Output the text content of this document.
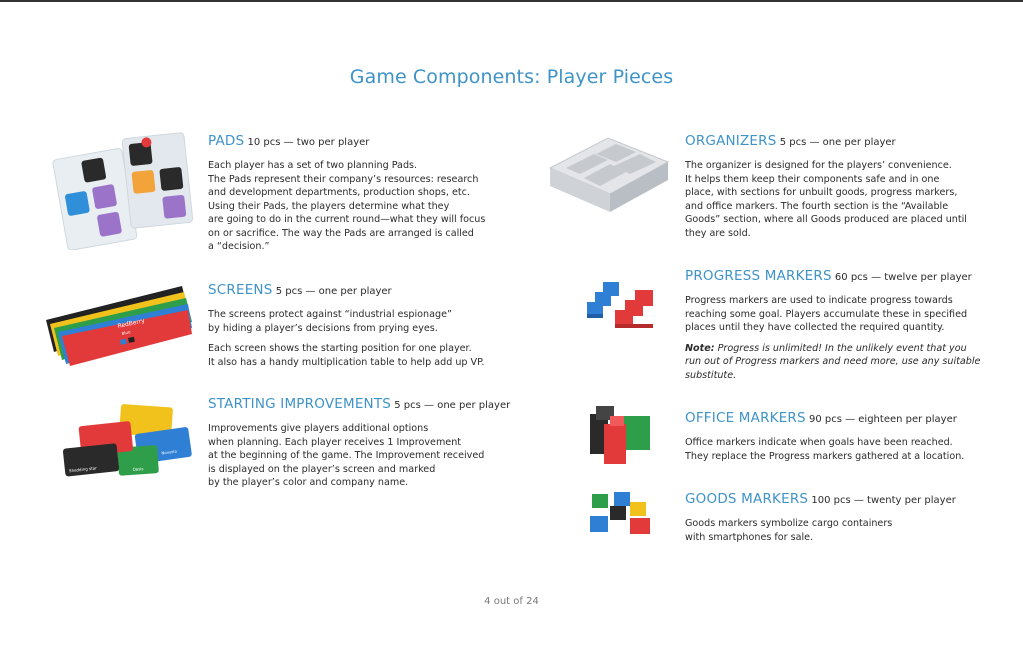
Game Components: Player Pieces
PADS 10 pcs — two per player

Each player has a set of two planning Pads.
The Pads represent their company’s resources: research
and development departments, production shops, etc.
Using their Pads, the players determine what they
are going to do in the current round—what they will focus
on or sacrifice. The way the Pads are arranged is called
a “decision.”

RedBerry
Blue
SCREENS 5 pcs — one per player

The screens protect against “industrial espionage”
by hiding a player’s decisions from prying eyes.

Each screen shows the starting position for one player.
It also has a handy multiplication table to help add up VP.

Noveria
Oasis
Shedding star
STARTING IMPROVEMENTS 5 pcs — one per player

Improvements give players additional options
when planning. Each player receives 1 Improvement
at the beginning of the game. The Improvement received
is displayed on the player’s screen and marked
by the player’s color and company name.

ORGANIZERS 5 pcs — one per player

The organizer is designed for the players’ convenience.
It helps them keep their components safe and in one
place, with sections for unbuilt goods, progress markers,
and office markers. The fourth section is the “Available
Goods” section, where all Goods produced are placed until
they are sold.

PROGRESS MARKERS 60 pcs — twelve per player

Progress markers are used to indicate progress towards
reaching some goal. Players accumulate these in specified
places until they have collected the required quantity.

Note: Progress is unlimited! In the unlikely event that you
run out of Progress markers and need more, use any suitable
substitute.

OFFICE MARKERS 90 pcs — eighteen per player

Office markers indicate when goals have been reached.
They replace the Progress markers gathered at a location.

GOODS MARKERS 100 pcs — twenty per player

Goods markers symbolize cargo containers
with smartphones for sale.

4 out of 24
